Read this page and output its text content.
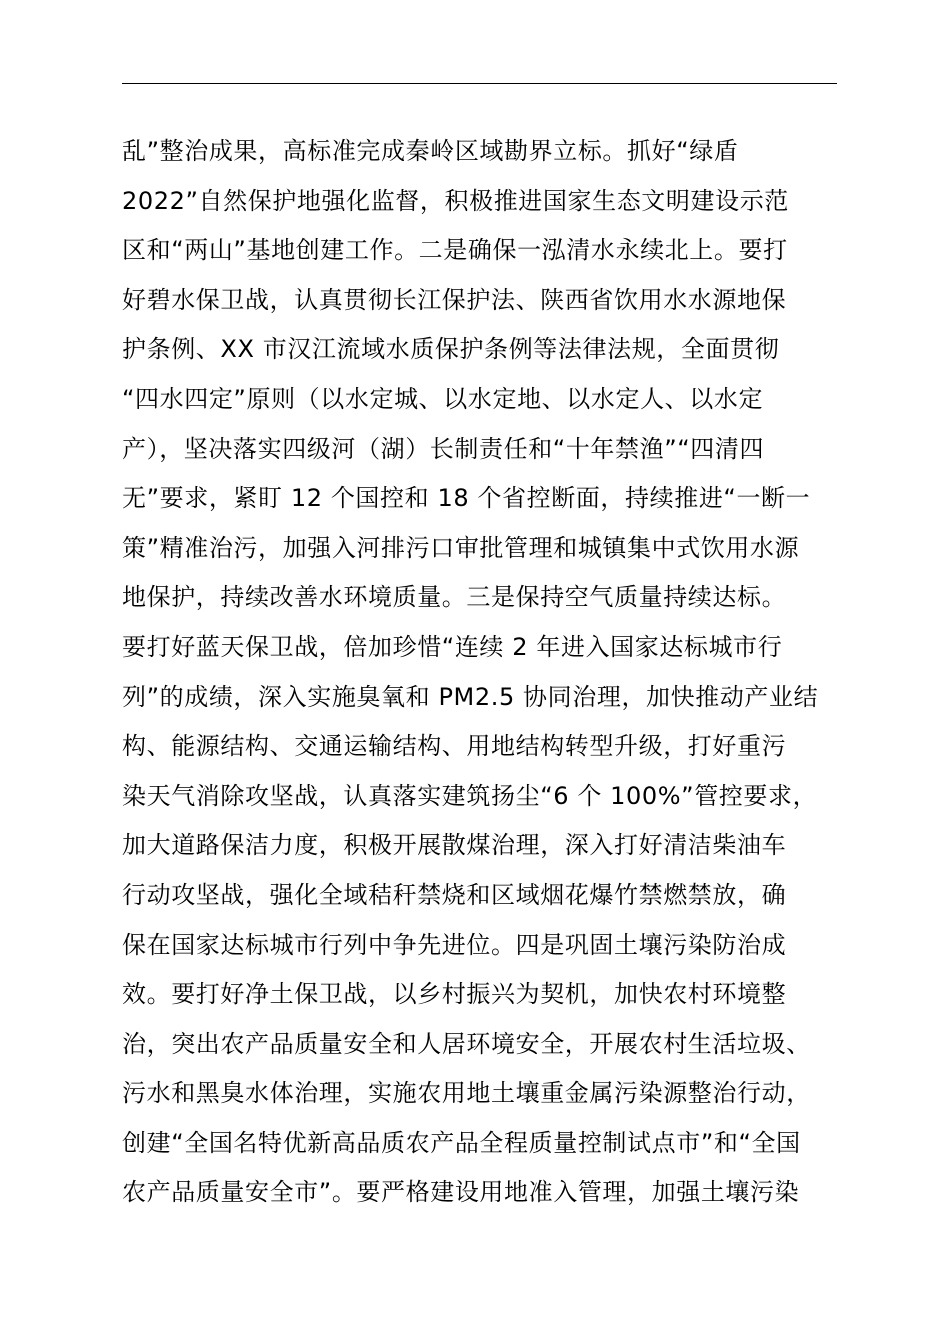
乱”整治成果，高标准完成秦岭区域勘界立标。抓好“绿盾
2022”自然保护地强化监督，积极推进国家生态文明建设示范
区和“两山”基地创建工作。二是确保一泓清水永续北上。要打
好碧水保卫战，认真贯彻长江保护法、陕西省饮用水水源地保
护条例、XX 市汉江流域水质保护条例等法律法规，全面贯彻
“四水四定”原则（以水定城、以水定地、以水定人、以水定
产），坚决落实四级河（湖）长制责任和“十年禁渔”“四清四
无”要求，紧盯 12 个国控和 18 个省控断面，持续推进“一断一
策”精准治污，加强入河排污口审批管理和城镇集中式饮用水源
地保护，持续改善水环境质量。三是保持空气质量持续达标。
要打好蓝天保卫战，倍加珍惜“连续 2 年进入国家达标城市行
列”的成绩，深入实施臭氧和 PM2.5 协同治理，加快推动产业结
构、能源结构、交通运输结构、用地结构转型升级，打好重污
染天气消除攻坚战，认真落实建筑扬尘“6 个 100%”管控要求，
加大道路保洁力度，积极开展散煤治理，深入打好清洁柴油车
行动攻坚战，强化全域秸秆禁烧和区域烟花爆竹禁燃禁放，确
保在国家达标城市行列中争先进位。四是巩固土壤污染防治成
效。要打好净土保卫战，以乡村振兴为契机，加快农村环境整
治，突出农产品质量安全和人居环境安全，开展农村生活垃圾、
污水和黑臭水体治理，实施农用地土壤重金属污染源整治行动，
创建“全国名特优新高品质农产品全程质量控制试点市”和“全国
农产品质量安全市”。要严格建设用地准入管理，加强土壤污染
